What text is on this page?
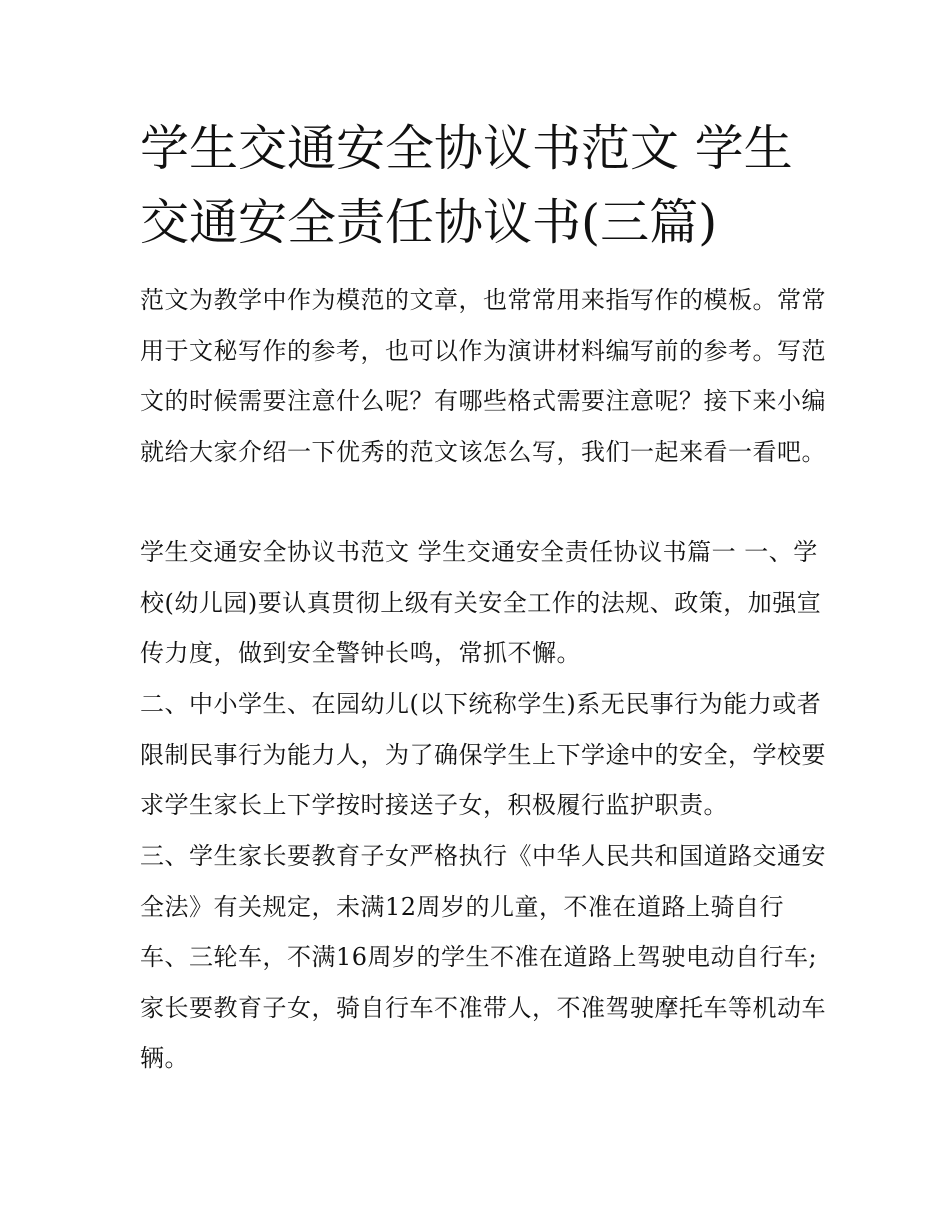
学生交通安全协议书范文 学生交通安全责任协议书(三篇)

范文为教学中作为模范的文章，也常常用来指写作的模板。常常用于文秘写作的参考，也可以作为演讲材料编写前的参考。写范文的时候需要注意什么呢？有哪些格式需要注意呢？接下来小编就给大家介绍一下优秀的范文该怎么写，我们一起来看一看吧。

学生交通安全协议书范文 学生交通安全责任协议书篇一 一、学校(幼儿园)要认真贯彻上级有关安全工作的法规、政策，加强宣传力度，做到安全警钟长鸣，常抓不懈。

二、中小学生、在园幼儿(以下统称学生)系无民事行为能力或者限制民事行为能力人，为了确保学生上下学途中的安全，学校要求学生家长上下学按时接送子女，积极履行监护职责。

三、学生家长要教育子女严格执行《中华人民共和国道路交通安全法》有关规定，未满12周岁的儿童，不准在道路上骑自行车、三轮车，不满16周岁的学生不准在道路上驾驶电动自行车;家长要教育子女，骑自行车不准带人，不准驾驶摩托车等机动车辆。
